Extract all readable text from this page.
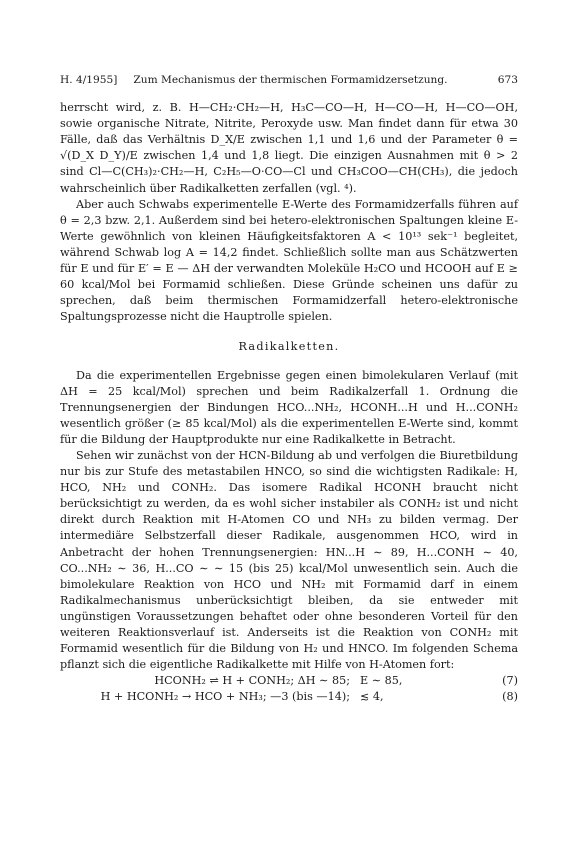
H. 4/1955] Zum Mechanismus der thermischen Formamidzersetzung.	673

herrscht wird, z. B. H—CH₂·CH₂—H, H₃C—CO—H, H—CO—H, H—CO—OH, sowie organische Nitrate, Nitrite, Peroxyde usw. Man findet dann für etwa 30 Fälle, daß das Verhältnis D_X/E zwischen 1,1 und 1,6 und der Parameter θ = √(D_X D_Y)/E zwischen 1,4 und 1,8 liegt. Die einzigen Ausnahmen mit θ > 2 sind Cl—C(CH₃)₂·CH₂—H, C₂H₅—O·CO—Cl und CH₃COO—CH(CH₃), die jedoch wahrscheinlich über Radikalketten zerfallen (vgl. ⁴).

Aber auch Schwabs experimentelle E-Werte des Formamidzerfalls führen auf θ = 2,3 bzw. 2,1. Außerdem sind bei hetero-elektronischen Spaltungen kleine E-Werte gewöhnlich von kleinen Häufigkeitsfaktoren A < 10¹³ sek⁻¹ begleitet, während Schwab log A = 14,2 findet. Schließlich sollte man aus Schätzwerten für E und für E′ = E — ΔH der verwandten Moleküle H₂CO und HCOOH auf E ≥ 60 kcal/Mol bei Formamid schließen. Diese Gründe scheinen uns dafür zu sprechen, daß beim thermischen Formamidzerfall hetero-elektronische Spaltungsprozesse nicht die Hauptrolle spielen.

Radikalketten.

Da die experimentellen Ergebnisse gegen einen bimolekularen Verlauf (mit ΔH = 25 kcal/Mol) sprechen und beim Radikalzerfall 1. Ordnung die Trennungsenergien der Bindungen HCO...NH₂, HCONH...H und H...CONH₂ wesentlich größer (≥ 85 kcal/Mol) als die experimentellen E-Werte sind, kommt für die Bildung der Hauptprodukte nur eine Radikalkette in Betracht.

Sehen wir zunächst von der HCN-Bildung ab und verfolgen die Biuretbildung nur bis zur Stufe des metastabilen HNCO, so sind die wichtigsten Radikale: H, HCO, NH₂ und CONH₂. Das isomere Radikal HCONH braucht nicht berücksichtigt zu werden, da es wohl sicher instabiler als CONH₂ ist und nicht direkt durch Reaktion mit H-Atomen CO und NH₃ zu bilden vermag. Der intermediäre Selbstzerfall dieser Radikale, ausgenommen HCO, wird in Anbetracht der hohen Trennungsenergien: HN...H ∼ 89, H...CONH ∼ 40, CO...NH₂ ∼ 36, H...CO ∼ ∼ 15 (bis 25) kcal/Mol unwesentlich sein. Auch die bimolekulare Reaktion von HCO und NH₂ mit Formamid darf in einem Radikalmechanismus unberücksichtigt bleiben, da sie entweder mit ungünstigen Voraussetzungen behaftet oder ohne besonderen Vorteil für den weiteren Reaktionsverlauf ist. Anderseits ist die Reaktion von CONH₂ mit Formamid wesentlich für die Bildung von H₂ und HNCO. Im folgenden Schema pflanzt sich die eigentliche Radikalkette mit Hilfe von H-Atomen fort:

HCONH₂ ⇌ H + CONH₂; ΔH ∼ 85; E ∼ 85,	(7)
H + HCONH₂ → HCO + NH₃; —3 (bis —14); ≲ 4,	(8)
